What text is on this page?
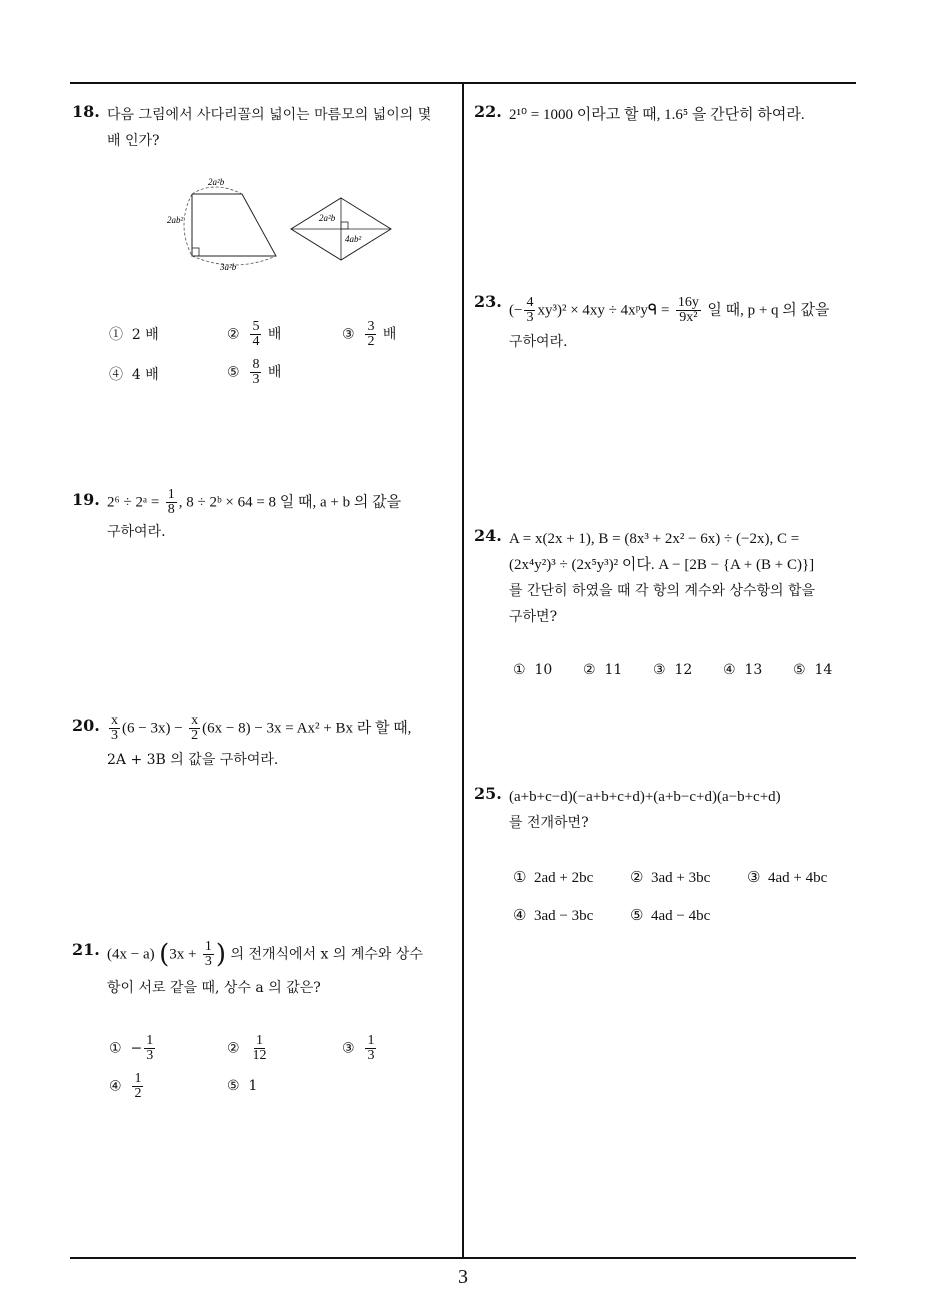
18. 다음 그림에서 사다리꼴의 넓이는 마름모의 넓이의 몇
배 인가?
2a²b
2ab²
3a²b
2a²b
4ab²
① 2 배	② $\frac{5}{4}$ 배	③ $\frac{3}{2}$ 배
④ 4 배	⑤ $\frac{8}{3}$ 배
19. 2⁶ ÷ 2ᵃ = $\frac{1}{8}$ , 8 ÷ 2ᵇ × 64 = 8 일 때, a + b 의 값을
구하여라.
20. $\frac{x}{3} (6 - 3x) - \frac{x}{2} (6x - 8) - 3x = Ax^2 + Bx$ 라 할 때,
2A + 3B 의 값을 구하여라.
21. (4x − a) ($3x + \frac{1}{3}$ ) 의 전개식에서 x 의 계수와 상수
항이 서로 같을 때, 상수 a 의 값은?
① − $\frac{1}{3}$	② $\frac{1}{12}$	③ $\frac{1}{3}$
④ $\frac{1}{2}$	⑤ 1
22. 2¹⁰ = 1000 이라고 할 때, 1.6⁵ 을 간단히 하여라.
23. (− $\frac{4}{3} xy^3)^2 \times 4xy$ ÷ 4xᵖyᑫ = $\frac{16y}{\text{9x²}}$ 일 때, p + q 의 값을
구하여라.
24. A = x(2x + 1), B = (8x³ + 2x² − 6x) ÷ (−2x), C =
(2x⁴y²)³ ÷ (2x⁵y³)² 이다. A − [2B − {A + (B + C)}]
를 간단히 하였을 때 각 항의 계수와 상수항의 합을
구하면?
① 10 ② 11 ③ 12 ④ 13 ⑤ 14
25. (a+b+c−d)(−a+b+c+d)+(a+b−c+d)(a−b+c+d)
를 전개하면?
① 2ad + 2bc ② 3ad + 3bc ③ 4ad + 4bc
④ 3ad − 3bc ⑤ 4ad − 4bc
3
